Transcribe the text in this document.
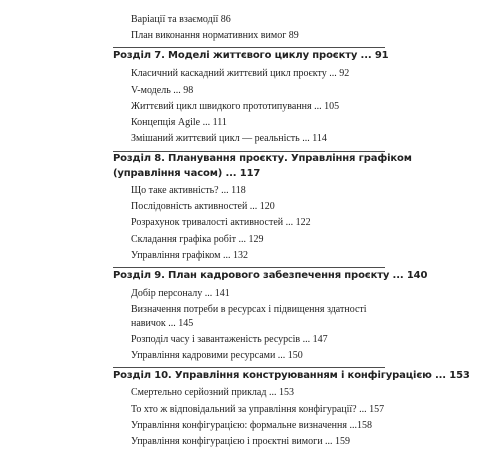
Варіації та взаємодії 86
План виконання нормативних вимог 89
Розділ 7. Моделі життєвого циклу проєкту ... 91
Класичний каскадний життєвий цикл проєкту ... 92
V-модель ... 98
Життєвий цикл швидкого прототипування ... 105
Концепція Agile ... 111
Змішаний життєвий цикл — реальність ... 114
Розділ 8. Планування проєкту. Управління графіком
(управління часом) ... 117
Що таке активність? ... 118
Послідовність активностей ... 120
Розрахунок тривалості активностей ... 122
Складання графіка робіт ... 129
Управління графіком ... 132
Розділ 9. План кадрового забезпечення проєкту ... 140
Добір персоналу ... 141
Визначення потреби в ресурсах і підвищення здатності
навичок ... 145
Розподіл часу і завантаженість ресурсів ... 147
Управління кадровими ресурсами ... 150
Розділ 10. Управління конструюванням і конфігурацією ... 153
Смертельно серйозний приклад ... 153
То хто ж відповідальний за управління конфігурації? ... 157
Управління конфігурацією: формальне визначення ...158
Управління конфігурацією і проєктні вимоги ... 159
